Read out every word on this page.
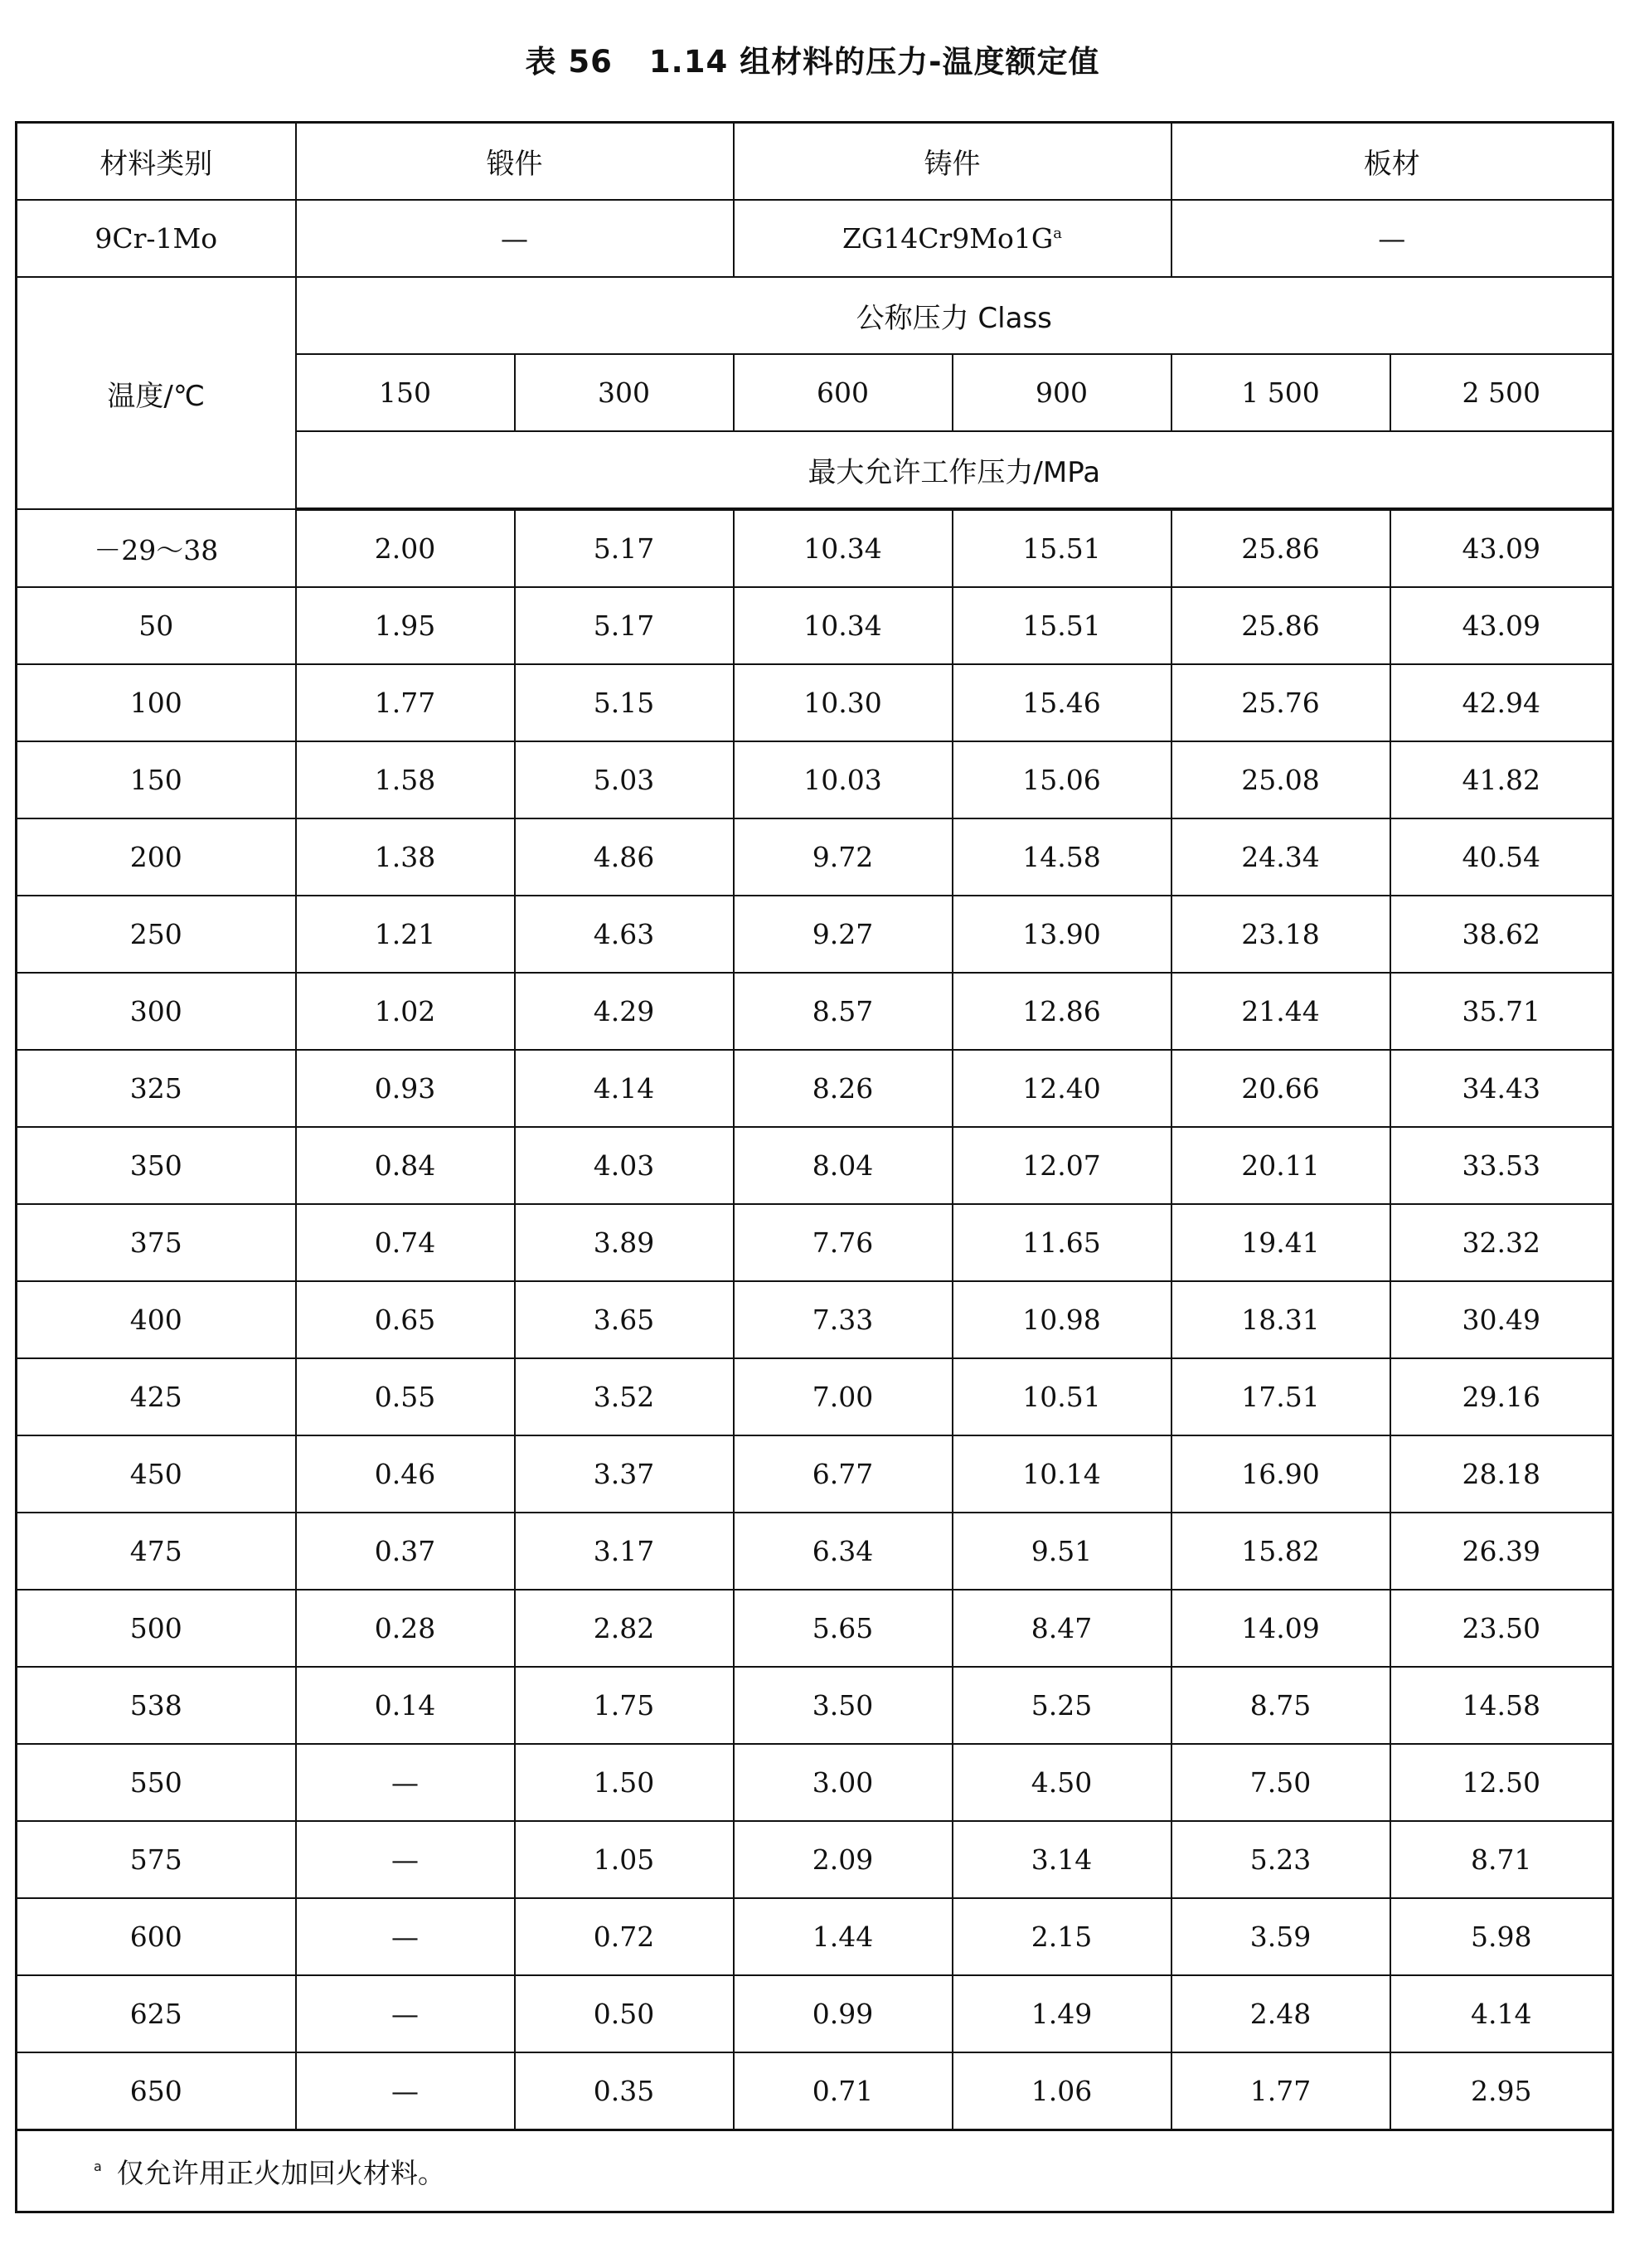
表 56 1.14 组材料的压力-温度额定值
材料类别	锻件		铸件		板材	
9Cr-1Mo	—		$ZG14Cr9Mo1G^a$		—	
温度/℃	公称压力 Class					
	150	300	600	900	1 500	2 500
	最大允许工作压力/MPa					
－29～38	2.00	5.17	10.34	15.51	25.86	43.09
50	1.95	5.17	10.34	15.51	25.86	43.09
100	1.77	5.15	10.30	15.46	25.76	42.94
150	1.58	5.03	10.03	15.06	25.08	41.82
200	1.38	4.86	9.72	14.58	24.34	40.54
250	1.21	4.63	9.27	13.90	23.18	38.62
300	1.02	4.29	8.57	12.86	21.44	35.71
325	0.93	4.14	8.26	12.40	20.66	34.43
350	0.84	4.03	8.04	12.07	20.11	33.53
375	0.74	3.89	7.76	11.65	19.41	32.32
400	0.65	3.65	7.33	10.98	18.31	30.49
425	0.55	3.52	7.00	10.51	17.51	29.16
450	0.46	3.37	6.77	10.14	16.90	28.18
475	0.37	3.17	6.34	9.51	15.82	26.39
500	0.28	2.82	5.65	8.47	14.09	23.50
538	0.14	1.75	3.50	5.25	8.75	14.58
550	—	1.50	3.00	4.50	7.50	12.50
575	—	1.05	2.09	3.14	5.23	8.71
600	—	0.72	1.44	2.15	3.59	5.98
625	—	0.50	0.99	1.49	2.48	4.14
650	—	0.35	0.71	1.06	1.77	2.95
$^a$ 仅允许用正火加回火材料。						
